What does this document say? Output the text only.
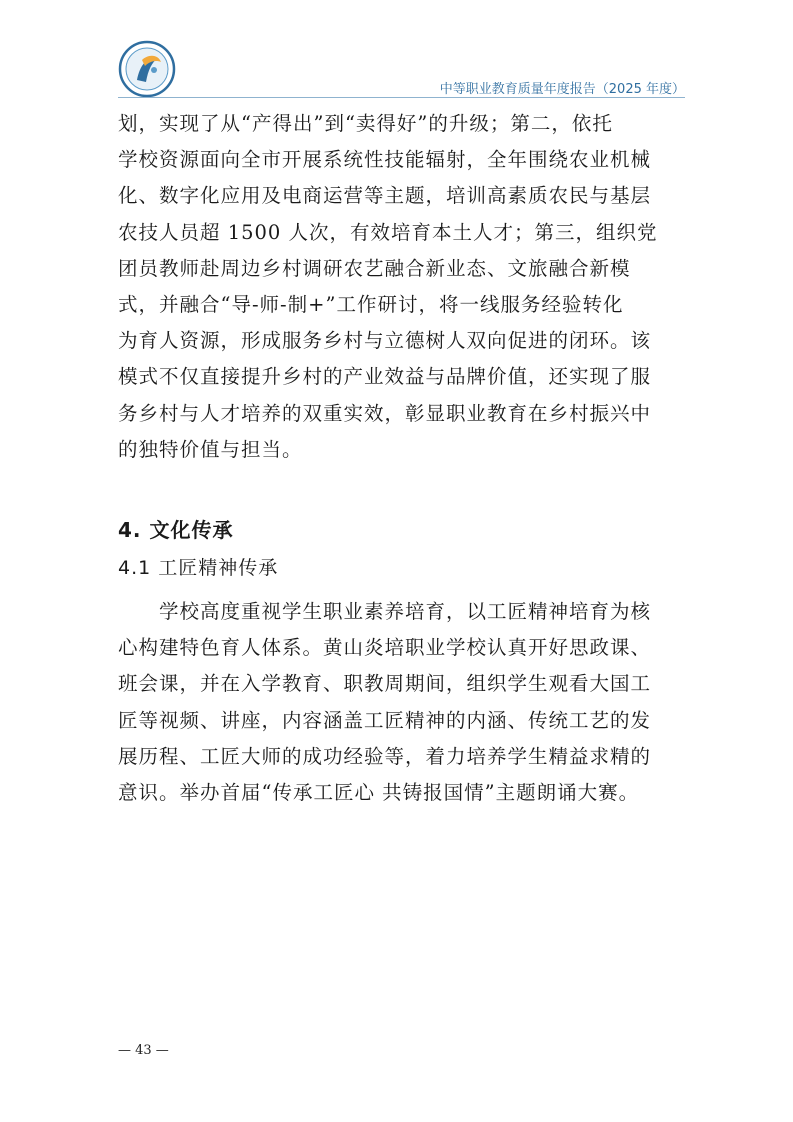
中等职业教育质量年度报告（2025 年度）
划，实现了从“产得出”到“卖得好”的升级；第二，依托
学校资源面向全市开展系统性技能辐射，全年围绕农业机械
化、数字化应用及电商运营等主题，培训高素质农民与基层
农技人员超 1500 人次，有效培育本土人才；第三，组织党
团员教师赴周边乡村调研农艺融合新业态、文旅融合新模
式，并融合“导-师-制+”工作研讨，将一线服务经验转化
为育人资源，形成服务乡村与立德树人双向促进的闭环。该
模式不仅直接提升乡村的产业效益与品牌价值，还实现了服
务乡村与人才培养的双重实效，彰显职业教育在乡村振兴中
的独特价值与担当。
4. 文化传承
4.1 工匠精神传承
　　学校高度重视学生职业素养培育，以工匠精神培育为核
心构建特色育人体系。黄山炎培职业学校认真开好思政课、
班会课，并在入学教育、职教周期间，组织学生观看大国工
匠等视频、讲座，内容涵盖工匠精神的内涵、传统工艺的发
展历程、工匠大师的成功经验等，着力培养学生精益求精的
意识。举办首届“传承工匠心 共铸报国情”主题朗诵大赛。
— 43 —
